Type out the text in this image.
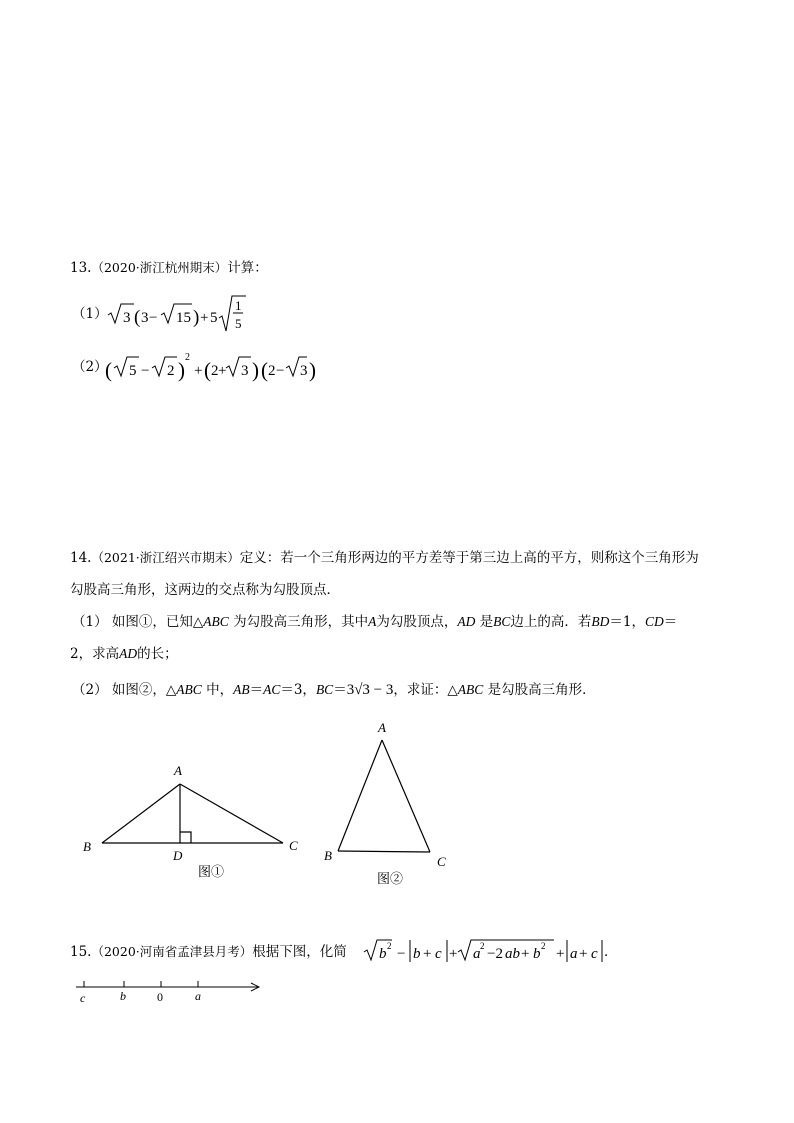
13.（2020·浙江杭州期末）计算：
（1） 3 ( 3 − 15 ) + 5
1
5
（2）
( 5 − 2 )
2
+ ( 2 + 3 ) ( 2 − 3 )
14.（2021·浙江绍兴市期末）定义：若一个三角形两边的平方差等于第三边上高的平方，则称这个三角形为
勾股高三角形，这两边的交点称为勾股顶点．
（1） 如图①，已知△ABC 为勾股高三角形，其中A为勾股顶点，AD 是BC边上的高．若BD＝1，CD＝
2，求高AD的长；
（2） 如图②，△ABC 中，AB＝AC＝3，BC＝3√3 − 3，求证：△ABC 是勾股高三角形．
A
B	C
D
图①
A
B	C
图②
15.（2020·河南省孟津县月考）根据下图，化简 b 2 − b + c + a 2 −2 ab + b 2 + a + c ．
c	b	0	a
